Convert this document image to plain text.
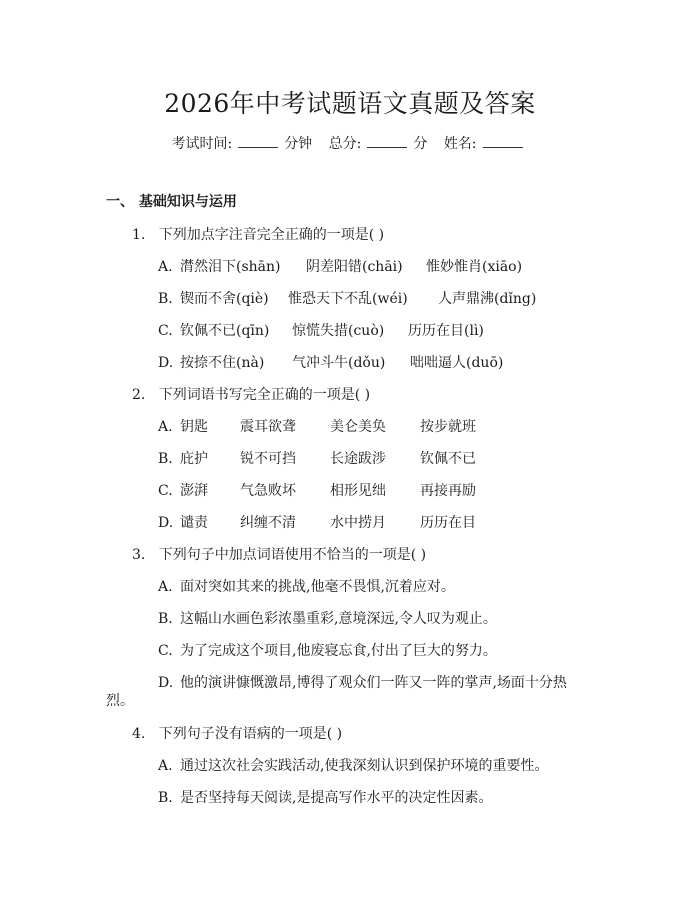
2026年中考试题语文真题及答案
考试时间:	分钟 总分:	分 姓名:
一、 基础知识与运用
1. 下列加点字注音完全正确的一项是( )
A. 潸然泪下(shān) 阴差阳错(chāi) 惟妙惟肖(xiāo)
B. 锲而不舍(qiè) 惟恐天下不乱(wéi) 人声鼎沸(dǐng)
C. 钦佩不已(qīn) 惊慌失措(cuò) 历历在目(lì)
D. 按捺不住(nà) 气冲斗牛(dǒu) 咄咄逼人(duō)
2. 下列词语书写完全正确的一项是( )
A. 钥匙 震耳欲聋 美仑美奂 按步就班
B. 庇护 锐不可挡 长途跋涉 钦佩不已
C. 澎湃 气急败坏 相形见绌 再接再励
D. 谴责 纠缠不清 水中捞月 历历在目
3. 下列句子中加点词语使用不恰当的一项是( )
A. 面对突如其来的挑战,他毫不畏惧,沉着应对。
B. 这幅山水画色彩浓墨重彩,意境深远,令人叹为观止。
C. 为了完成这个项目,他废寝忘食,付出了巨大的努力。
D. 他的演讲慷慨激昂,博得了观众们一阵又一阵的掌声,场面十分热
烈。
4. 下列句子没有语病的一项是( )
A. 通过这次社会实践活动,使我深刻认识到保护环境的重要性。
B. 是否坚持每天阅读,是提高写作水平的决定性因素。
